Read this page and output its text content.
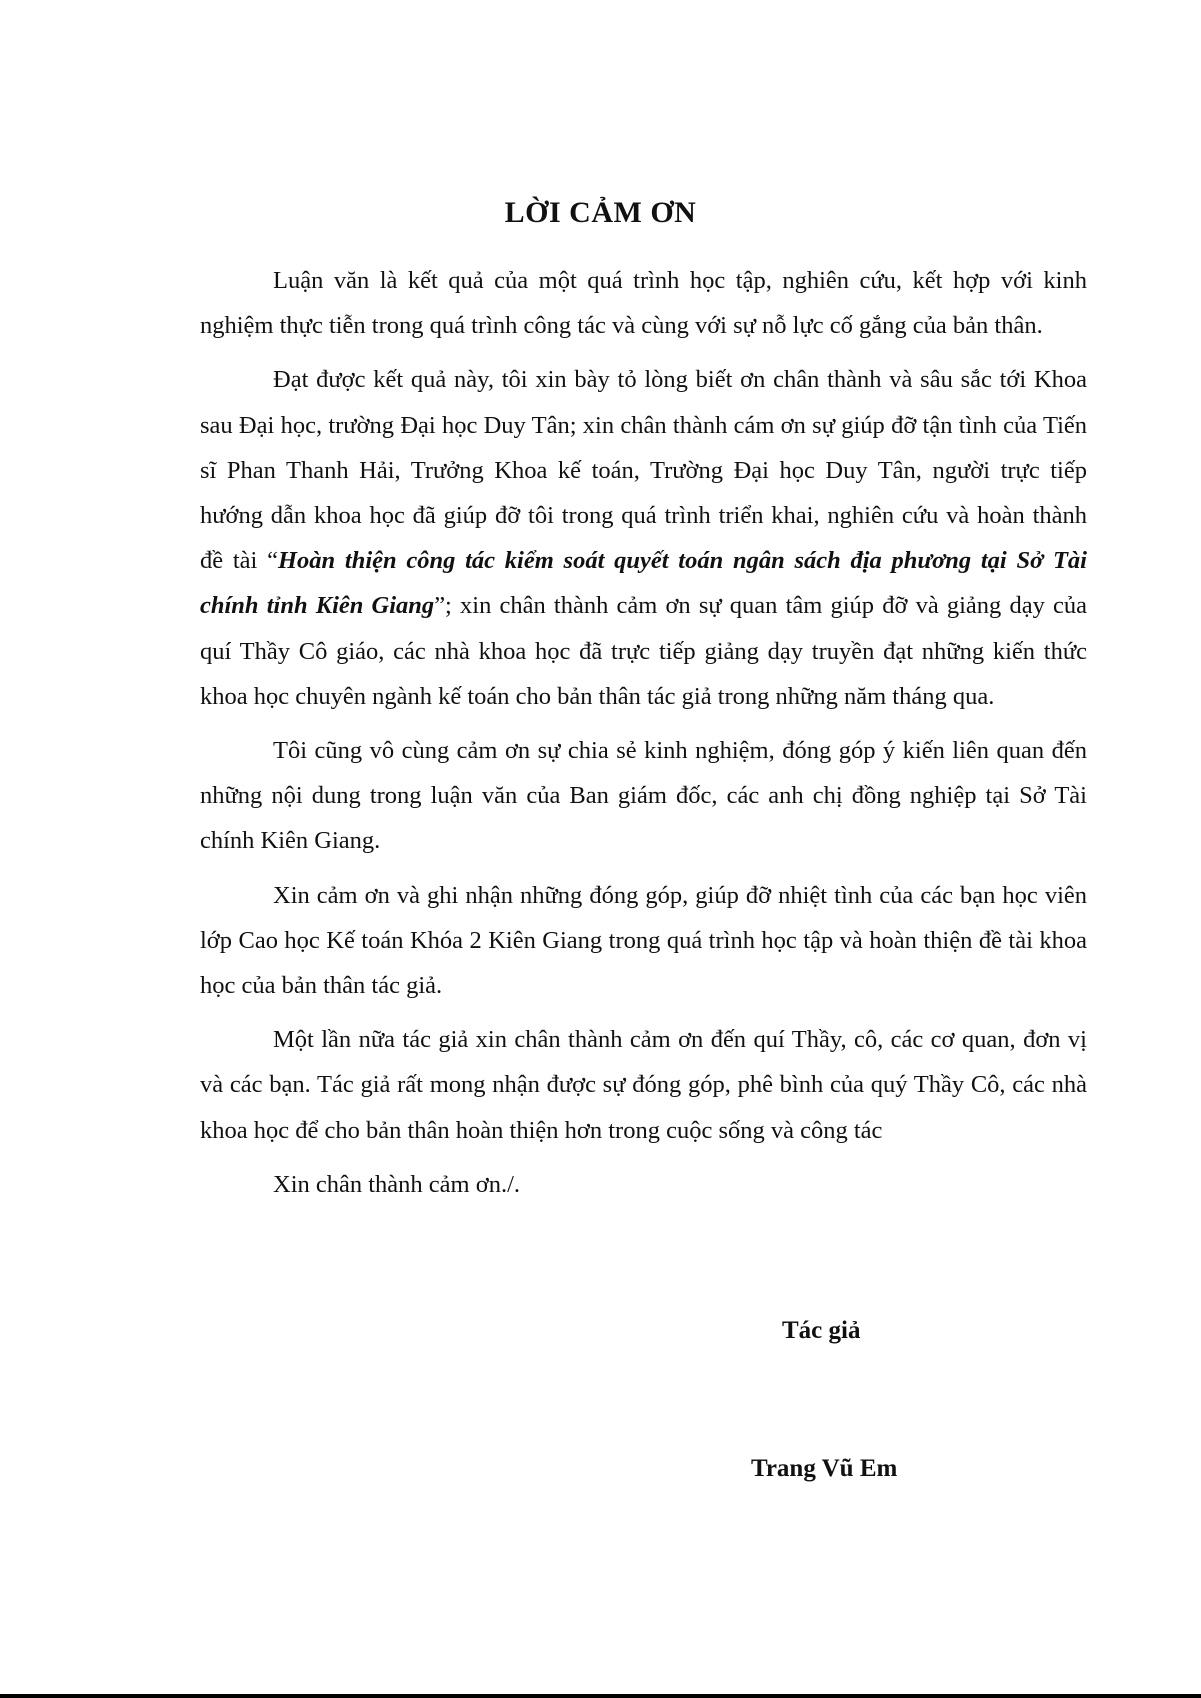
LỜI CẢM ƠN

Luận văn là kết quả của một quá trình học tập, nghiên cứu, kết hợp với kinh nghiệm thực tiễn trong quá trình công tác và cùng với sự nỗ lực cố gắng của bản thân.

Đạt được kết quả này, tôi xin bày tỏ lòng biết ơn chân thành và sâu sắc tới Khoa sau Đại học, trường Đại học Duy Tân; xin chân thành cám ơn sự giúp đỡ tận tình của Tiến sĩ Phan Thanh Hải, Trưởng Khoa kế toán, Trường Đại học Duy Tân, người trực tiếp hướng dẫn khoa học đã giúp đỡ tôi trong quá trình triển khai, nghiên cứu và hoàn thành đề tài “Hoàn thiện công tác kiểm soát quyết toán ngân sách địa phương tại Sở Tài chính tỉnh Kiên Giang”; xin chân thành cảm ơn sự quan tâm giúp đỡ và giảng dạy của quí Thầy Cô giáo, các nhà khoa học đã trực tiếp giảng dạy truyền đạt những kiến thức khoa học chuyên ngành kế toán cho bản thân tác giả trong những năm tháng qua.

Tôi cũng vô cùng cảm ơn sự chia sẻ kinh nghiệm, đóng góp ý kiến liên quan đến những nội dung trong luận văn của Ban giám đốc, các anh chị đồng nghiệp tại Sở Tài chính Kiên Giang.

Xin cảm ơn và ghi nhận những đóng góp, giúp đỡ nhiệt tình của các bạn học viên lớp Cao học Kế toán Khóa 2 Kiên Giang trong quá trình học tập và hoàn thiện đề tài khoa học của bản thân tác giả.

Một lần nữa tác giả xin chân thành cảm ơn đến quí Thầy, cô, các cơ quan, đơn vị và các bạn. Tác giả rất mong nhận được sự đóng góp, phê bình của quý Thầy Cô, các nhà khoa học để cho bản thân hoàn thiện hơn trong cuộc sống và công tác

Xin chân thành cảm ơn./.

Tác giả

Trang Vũ Em
